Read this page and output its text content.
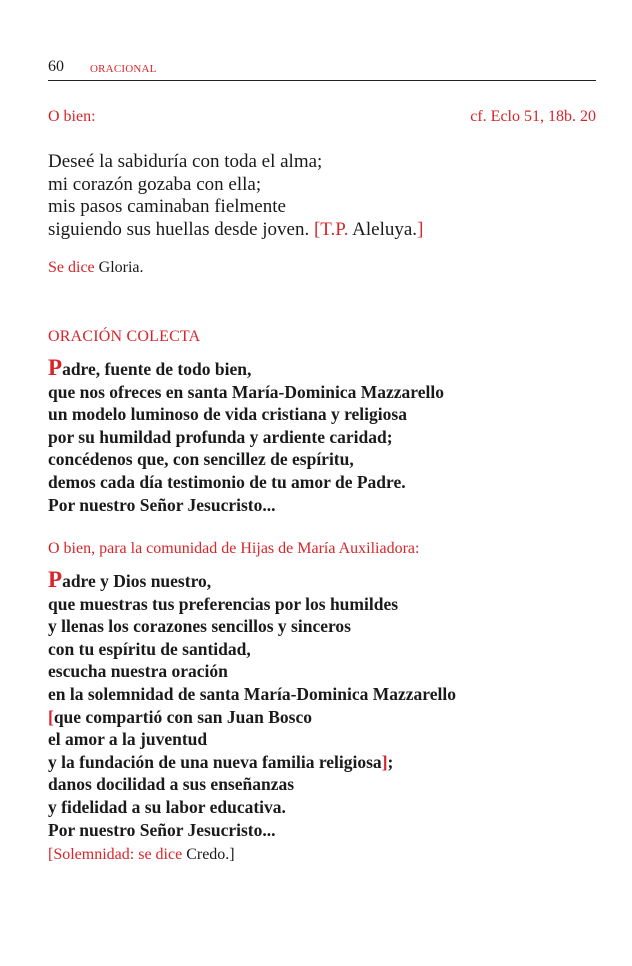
60 ORACIONAL
O bien:	cf. Eclo 51, 18b. 20
Deseé la sabiduría con toda el alma;
mi corazón gozaba con ella;
mis pasos caminaban fielmente
siguiendo sus huellas desde joven. [T.P. Aleluya.]
Se dice Gloria.
ORACIÓN COLECTA
Padre, fuente de todo bien,
que nos ofreces en santa María-Dominica Mazzarello
un modelo luminoso de vida cristiana y religiosa
por su humildad profunda y ardiente caridad;
concédenos que, con sencillez de espíritu,
demos cada día testimonio de tu amor de Padre.
Por nuestro Señor Jesucristo...
O bien, para la comunidad de Hijas de María Auxiliadora:
Padre y Dios nuestro,
que muestras tus preferencias por los humildes
y llenas los corazones sencillos y sinceros
con tu espíritu de santidad,
escucha nuestra oración
en la solemnidad de santa María-Dominica Mazzarello
[que compartió con san Juan Bosco
el amor a la juventud
y la fundación de una nueva familia religiosa];
danos docilidad a sus enseñanzas
y fidelidad a su labor educativa.
Por nuestro Señor Jesucristo...
[Solemnidad: se dice Credo.]
